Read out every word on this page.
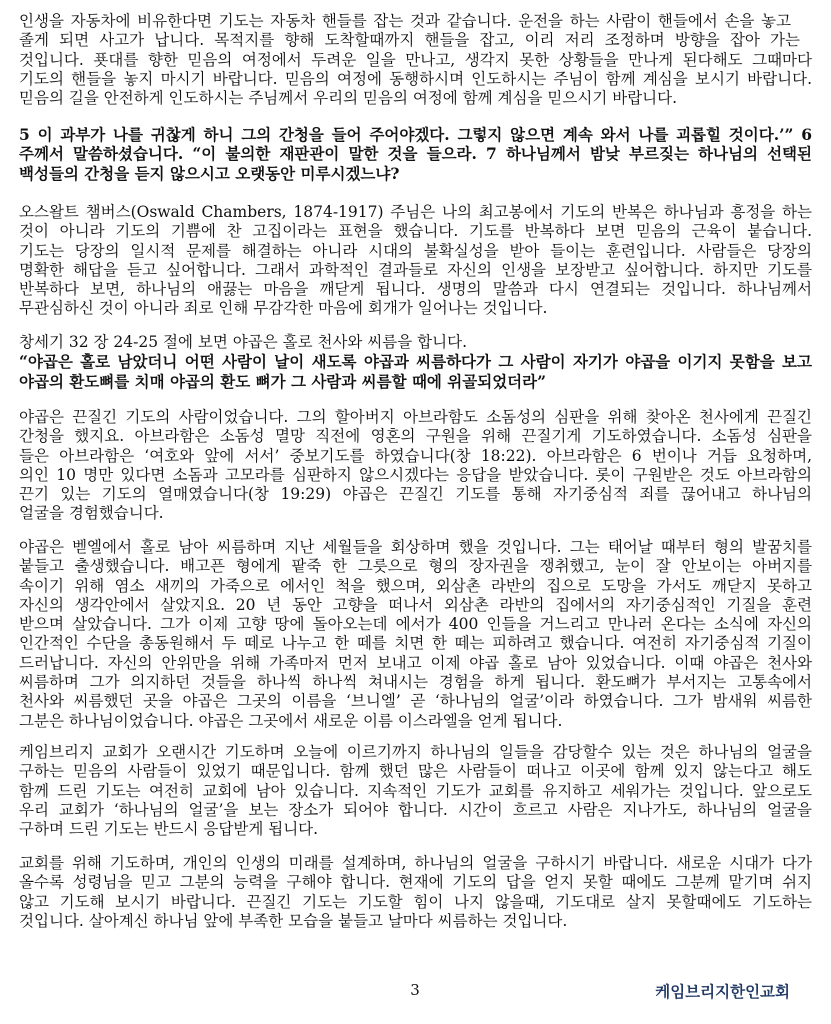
인생을 자동차에 비유한다면 기도는 자동차 핸들를 잡는 것과 같습니다. 운전을 하는 사람이 핸들에서 손을 놓고
졸게 되면 사고가 납니다. 목적지를 향해 도착할때까지 핸들을 잡고, 이리 저리 조정하며 방향을 잡아 가는
것입니다. 푯대를 향한 믿음의 여정에서 두려운 일을 만나고, 생각지 못한 상황들을 만나게 된다해도 그때마다
기도의 핸들을 놓지 마시기 바랍니다. 믿음의 여정에 동행하시며 인도하시는 주님이 함께 계심을 보시기 바랍니다.
믿음의 길을 안전하게 인도하시는 주님께서 우리의 믿음의 여정에 함께 계심을 믿으시기 바랍니다.
5 이 과부가 나를 귀찮게 하니 그의 간청을 들어 주어야겠다. 그렇지 않으면 계속 와서 나를 괴롭힐 것이다.’” 6
주께서 말씀하셨습니다. “이 불의한 재판관이 말한 것을 들으라. 7 하나님께서 밤낮 부르짖는 하나님의 선택된
백성들의 간청을 듣지 않으시고 오랫동안 미루시겠느냐?
오스왈트 챔버스(Oswald Chambers, 1874-1917) 주님은 나의 최고봉에서 기도의 반복은 하나님과 흥정을 하는
것이 아니라 기도의 기쁨에 찬 고집이라는 표현을 했습니다. 기도를 반복하다 보면 믿음의 근육이 붙습니다.
기도는 당장의 일시적 문제를 해결하는 아니라 시대의 불확실성을 받아 들이는 훈련입니다. 사람들은 당장의
명확한 해답을 듣고 싶어합니다. 그래서 과학적인 결과들로 자신의 인생을 보장받고 싶어합니다. 하지만 기도를
반복하다 보면, 하나님의 애끓는 마음을 깨닫게 됩니다. 생명의 말씀과 다시 연결되는 것입니다. 하나님께서
무관심하신 것이 아니라 죄로 인해 무감각한 마음에 회개가 일어나는 것입니다.
창세기 32 장 24-25 절에 보면 야곱은 홀로 천사와 씨름을 합니다.
“야곱은 홀로 남았더니 어떤 사람이 날이 새도록 야곱과 씨름하다가 그 사람이 자기가 야곱을 이기지 못함을 보고
야곱의 환도뼈를 치매 야곱의 환도 뼈가 그 사람과 씨름할 때에 위골되었더라”
야곱은 끈질긴 기도의 사람이었습니다. 그의 할아버지 아브라함도 소돔성의 심판을 위해 찾아온 천사에게 끈질긴
간청을 했지요. 아브라함은 소돔성 멸망 직전에 영혼의 구원을 위해 끈질기게 기도하였습니다. 소돔성 심판을
들은 아브라함은 ‘여호와 앞에 서서’ 중보기도를 하였습니다(창 18:22). 아브라함은 6 번이나 거듭 요청하며,
의인 10 명만 있다면 소돔과 고모라를 심판하지 않으시겠다는 응답을 받았습니다. 롯이 구원받은 것도 아브라함의
끈기 있는 기도의 열매였습니다(창 19:29) 야곱은 끈질긴 기도를 통해 자기중심적 죄를 끊어내고 하나님의
얼굴을 경험했습니다.
야곱은 벧엘에서 홀로 남아 씨름하며 지난 세월들을 회상하며 했을 것입니다. 그는 태어날 때부터 형의 발꿈치를
붙들고 출생했습니다. 배고픈 형에게 팥죽 한 그릇으로 형의 장자권을 쟁취했고, 눈이 잘 안보이는 아버지를
속이기 위해 염소 새끼의 가죽으로 에서인 척을 했으며, 외삼촌 라반의 집으로 도망을 가서도 깨닫지 못하고
자신의 생각안에서 살았지요. 20 년 동안 고향을 떠나서 외삼촌 라반의 집에서의 자기중심적인 기질을 훈련
받으며 살았습니다. 그가 이제 고향 땅에 돌아오는데 에서가 400 인들을 거느리고 만나러 온다는 소식에 자신의
인간적인 수단을 총동원해서 두 떼로 나누고 한 떼를 치면 한 떼는 피하려고 했습니다. 여전히 자기중심적 기질이
드러납니다. 자신의 안위만을 위해 가족마저 먼저 보내고 이제 야곱 홀로 남아 있었습니다. 이때 야곱은 천사와
씨름하며 그가 의지하던 것들을 하나씩 하나씩 쳐내시는 경험을 하게 됩니다. 환도뼈가 부서지는 고통속에서
천사와 씨름했던 곳을 야곱은 그곳의 이름을 ‘브니엘’ 곧 ‘하나님의 얼굴’이라 하였습니다. 그가 밤새워 씨름한
그분은 하나님이었습니다. 야곱은 그곳에서 새로운 이름 이스라엘을 얻게 됩니다.
케임브리지 교회가 오랜시간 기도하며 오늘에 이르기까지 하나님의 일들을 감당할수 있는 것은 하나님의 얼굴을
구하는 믿음의 사람들이 있었기 때문입니다. 함께 했던 많은 사람들이 떠나고 이곳에 함께 있지 않는다고 해도
함께 드린 기도는 여전히 교회에 남아 있습니다. 지속적인 기도가 교회를 유지하고 세워가는 것입니다. 앞으로도
우리 교회가 ‘하나님의 얼굴’을 보는 장소가 되어야 합니다. 시간이 흐르고 사람은 지나가도, 하나님의 얼굴을
구하며 드린 기도는 반드시 응답받게 됩니다.
교회를 위해 기도하며, 개인의 인생의 미래를 설계하며, 하나님의 얼굴을 구하시기 바랍니다. 새로운 시대가 다가
올수록 성령님을 믿고 그분의 능력을 구해야 합니다. 현재에 기도의 답을 얻지 못할 때에도 그분께 맡기며 쉬지
않고 기도해 보시기 바랍니다. 끈질긴 기도는 기도할 힘이 나지 않을때, 기도대로 살지 못할때에도 기도하는
것입니다. 살아계신 하나님 앞에 부족한 모습을 붙들고 날마다 씨름하는 것입니다.
3	케임브리지한인교회
